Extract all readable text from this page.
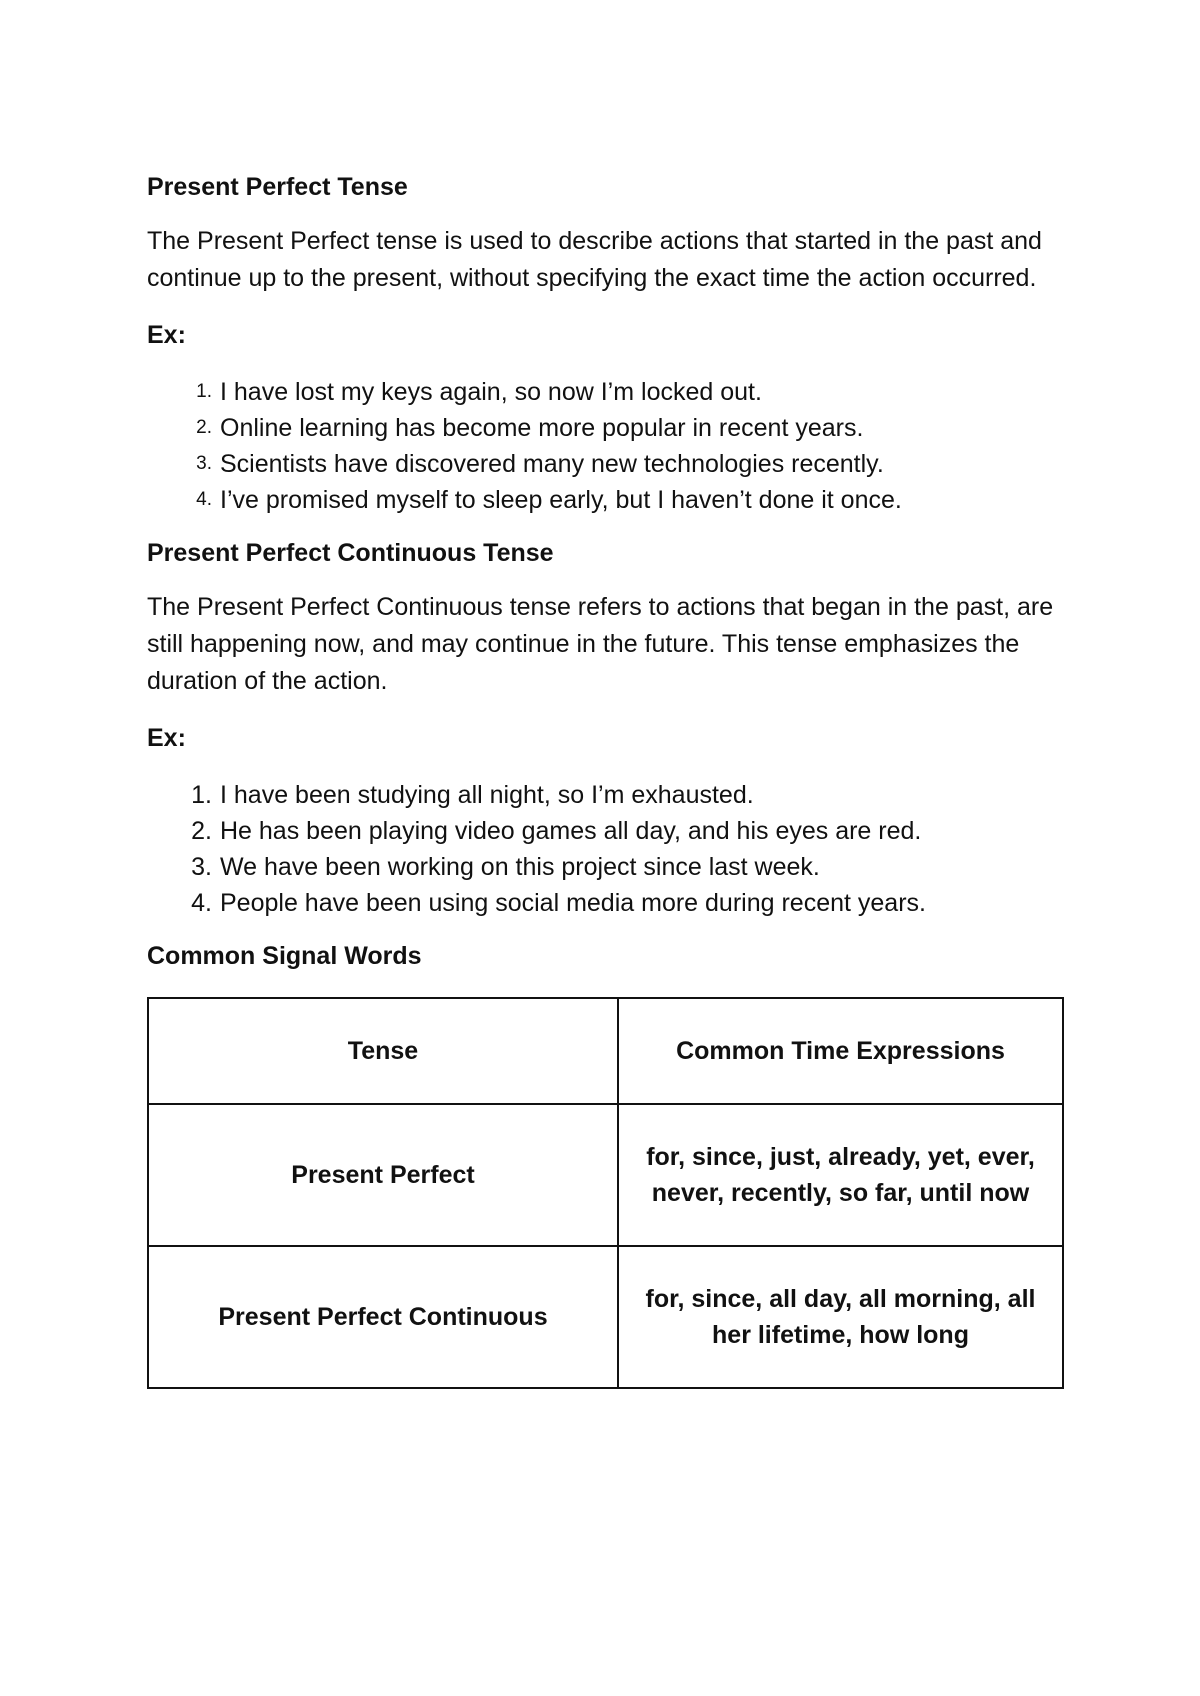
Present Perfect Tense

The Present Perfect tense is used to describe actions that started in the past and continue up to the present, without specifying the exact time the action occurred.

Ex:
1. I have lost my keys again, so now I’m locked out.
2. Online learning has become more popular in recent years.
3. Scientists have discovered many new technologies recently.
4. I’ve promised myself to sleep early, but I haven’t done it once.
Present Perfect Continuous Tense

The Present Perfect Continuous tense refers to actions that began in the past, are still happening now, and may continue in the future. This tense emphasizes the duration of the action.

Ex:
1. I have been studying all night, so I’m exhausted.
2. He has been playing video games all day, and his eyes are red.
3. We have been working on this project since last week.
4. People have been using social media more during recent years.
Common Signal Words
Tense	Common Time Expressions
Present Perfect	for, since, just, already, yet, ever, never, recently, so far, until now
Present Perfect Continuous	for, since, all day, all morning, all her lifetime, how long
